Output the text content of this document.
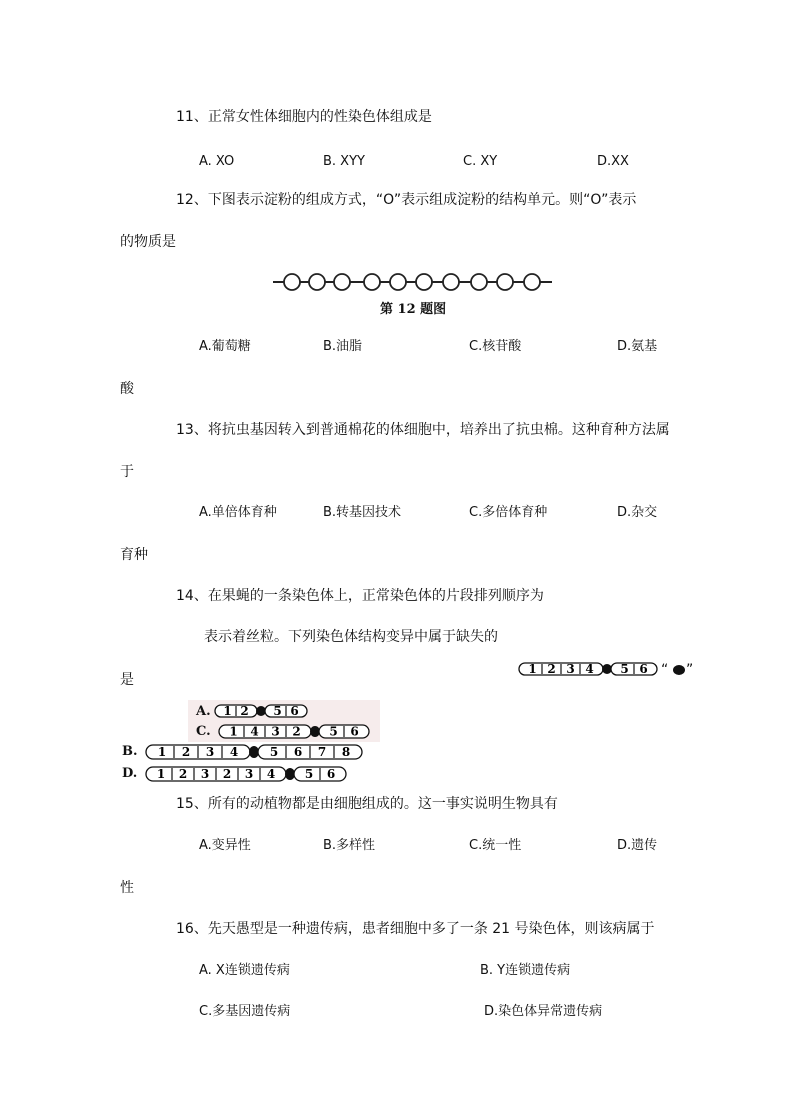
11、正常女性体细胞内的性染色体组成是
A. XO	B. XYY	C. XY	D.XX
12、下图表示淀粉的组成方式，“O”表示组成淀粉的结构单元。则“O”表示
的物质是
第 12 题图
A.葡萄糖	B.油脂	C.核苷酸	D.氨基
酸
13、将抗虫基因转入到普通棉花的体细胞中，培养出了抗虫棉。这种育种方法属
于
A.单倍体育种	B.转基因技术	C.多倍体育种	D.杂交
育种
14、在果蝇的一条染色体上，正常染色体的片段排列顺序为
表示着丝粒。下列染色体结构变异中属于缺失的
是
1 2 3 4 5 6 “ ”
A. 1 2 5 6
C. 1 4 3 2 5 6
B. 1 2 3 4	5 6 7 8
D. 1 2 3 2 3 4 5 6
15、所有的动植物都是由细胞组成的。这一事实说明生物具有
A.变异性	B.多样性	C.统一性	D.遗传
性
16、先天愚型是一种遗传病，患者细胞中多了一条 21 号染色体，则该病属于
A. X连锁遗传病	B. Y连锁遗传病
C.多基因遗传病	D.染色体异常遗传病
